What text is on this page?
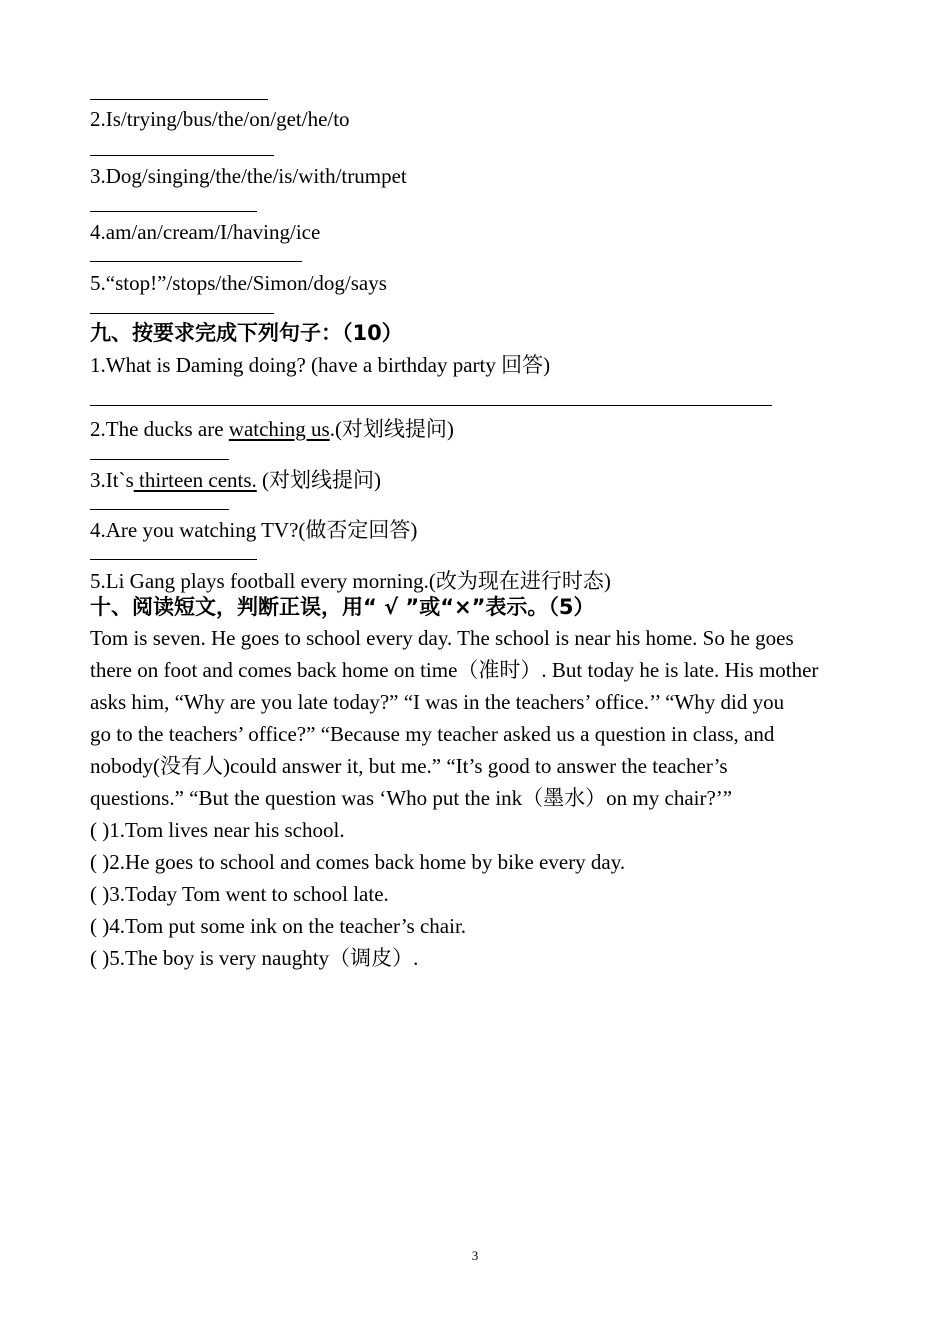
2.Is/trying/bus/the/on/get/he/to
3.Dog/singing/the/the/is/with/trumpet
4.am/an/cream/I/having/ice
5.“stop!”/stops/the/Simon/dog/says
九、按要求完成下列句子：（10）
1.What is Daming doing? (have a birthday party 回答)
2.The ducks are watching us.(对划线提问)
3.It`s thirteen cents. (对划线提问)
4.Are you watching TV?(做否定回答)
5.Li Gang plays football every morning.(改为现在进行时态)
十、阅读短文，判断正误，用“ √ ”或“×”表示。（5）
Tom is seven. He goes to school every day. The school is near his home. So he goes
there on foot and comes back home on time（准时）. But today he is late. His mother
asks him, “Why are you late today?” “I was in the teachers’ office.’’ “Why did you
go to the teachers’ office?” “Because my teacher asked us a question in class, and
nobody(没有人)could answer it, but me.” “It’s good to answer the teacher’s
questions.” “But the question was ‘Who put the ink（墨水）on my chair?’”
( )1.Tom lives near his school.
( )2.He goes to school and comes back home by bike every day.
( )3.Today Tom went to school late.
( )4.Tom put some ink on the teacher’s chair.
( )5.The boy is very naughty（调皮）.
3
